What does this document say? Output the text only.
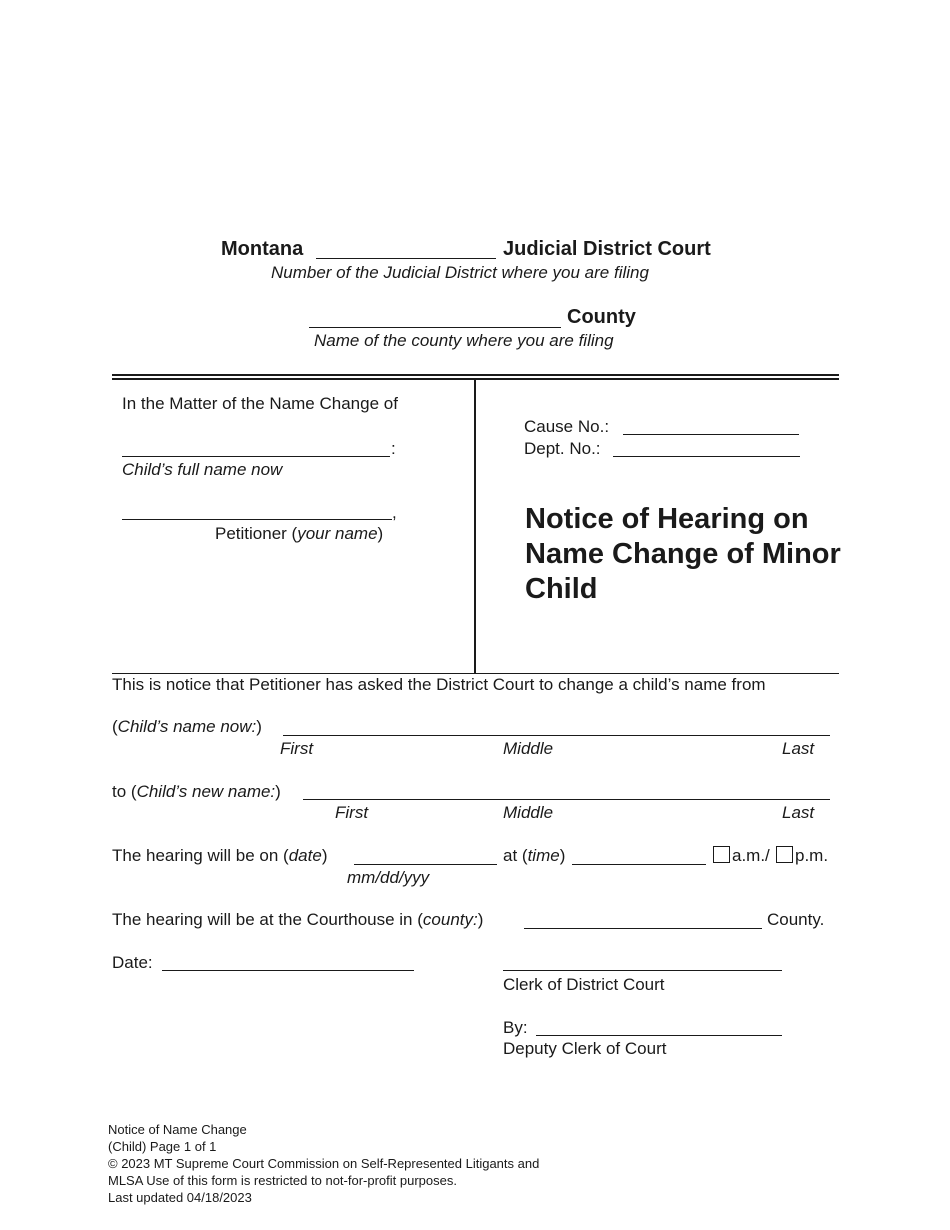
Montana	Judicial District Court
Number of the Judicial District where you are filing
County
Name of the county where you are filing
In the Matter of the Name Change of
:
Child’s full name now
,
Petitioner (your name)
Cause No.:
Dept. No.:
Notice of Hearing on Name Change of Minor Child
This is notice that Petitioner has asked the District Court to change a child’s name from
(Child’s name now:)
First	Middle	Last
to (Child’s new name:)
First	Middle	Last
The hearing will be on (date)	at (time)	a.m./ p.m.
mm/dd/yyy
The hearing will be at the Courthouse in (county:)	County.
Date:
Clerk of District Court
By:
Deputy Clerk of Court
Notice of Name Change
(Child) Page 1 of 1
© 2023 MT Supreme Court Commission on Self-Represented Litigants and
MLSA Use of this form is restricted to not-for-profit purposes.
Last updated 04/18/2023
